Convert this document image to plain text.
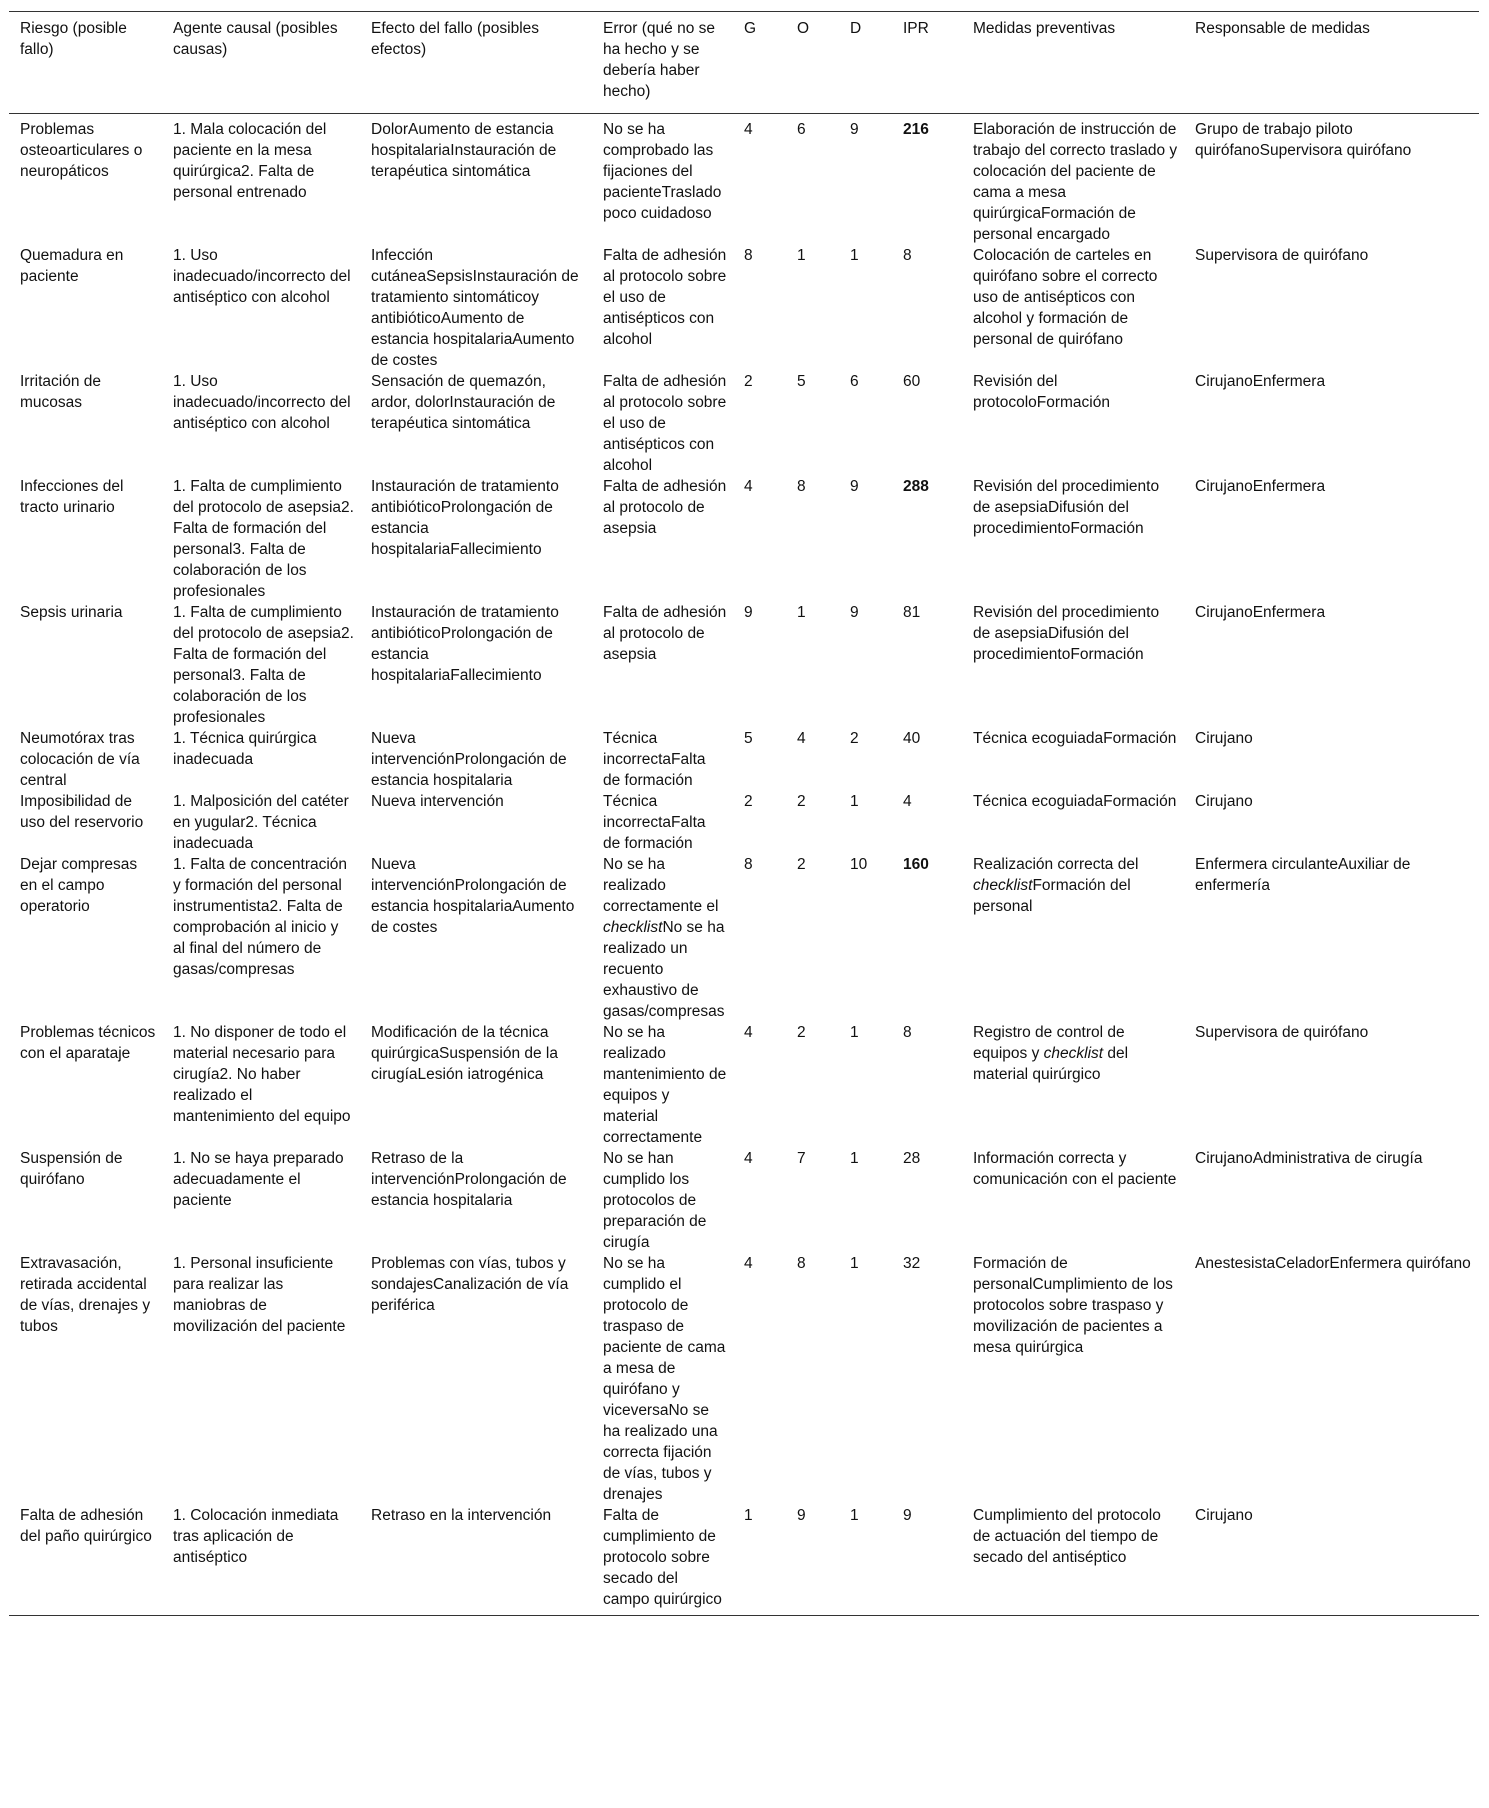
Riesgo (posible fallo)	Agente causal (posibles causas)	Efecto del fallo (posibles efectos)	Error (qué no se ha hecho y se debería haber hecho)	G	O	D	IPR	Medidas preventivas	Responsable de medidas
Problemas osteoarticulares o neuropáticos	1. Mala colocación del paciente en la mesa quirúrgica2. Falta de personal entrenado	DolorAumento de estancia hospitalariaInstauración de terapéutica sintomática	No se ha comprobado las fijaciones del pacienteTraslado poco cuidadoso	4	6	9	216	Elaboración de instrucción de trabajo del correcto traslado y colocación del paciente de cama a mesa quirúrgicaFormación de personal encargado	Grupo de trabajo piloto quirófanoSupervisora quirófano
Quemadura en paciente	1. Uso inadecuado/incorrecto del antiséptico con alcohol	Infección cutáneaSepsisInstauración de tratamiento sintomáticoy antibióticoAumento de estancia hospitalariaAumento de costes	Falta de adhesión al protocolo sobre el uso de antisépticos con alcohol	8	1	1	8	Colocación de carteles en quirófano sobre el correcto uso de antisépticos con alcohol y formación de personal de quirófano	Supervisora de quirófano
Irritación de mucosas	1. Uso inadecuado/incorrecto del antiséptico con alcohol	Sensación de quemazón, ardor, dolorInstauración de terapéutica sintomática	Falta de adhesión al protocolo sobre el uso de antisépticos con alcohol	2	5	6	60	Revisión del protocoloFormación	CirujanoEnfermera
Infecciones del tracto urinario	1. Falta de cumplimiento del protocolo de asepsia2. Falta de formación del personal3. Falta de colaboración de los profesionales	Instauración de tratamiento antibióticoProlongación de estancia hospitalariaFallecimiento	Falta de adhesión al protocolo de asepsia	4	8	9	288	Revisión del procedimiento de asepsiaDifusión del procedimientoFormación	CirujanoEnfermera
Sepsis urinaria	1. Falta de cumplimiento del protocolo de asepsia2. Falta de formación del personal3. Falta de colaboración de los profesionales	Instauración de tratamiento antibióticoProlongación de estancia hospitalariaFallecimiento	Falta de adhesión al protocolo de asepsia	9	1	9	81	Revisión del procedimiento de asepsiaDifusión del procedimientoFormación	CirujanoEnfermera
Neumotórax tras colocación de vía central	1. Técnica quirúrgica inadecuada	Nueva intervenciónProlongación de estancia hospitalaria	Técnica incorrectaFalta de formación	5	4	2	40	Técnica ecoguiadaFormación	Cirujano
Imposibilidad de uso del reservorio	1. Malposición del catéter en yugular2. Técnica inadecuada	Nueva intervención	Técnica incorrectaFalta de formación	2	2	1	4	Técnica ecoguiadaFormación	Cirujano
Dejar compresas en el campo operatorio	1. Falta de concentración y formación del personal instrumentista2. Falta de comprobación al inicio y al final del número de gasas/compresas	Nueva intervenciónProlongación de estancia hospitalariaAumento de costes	No se ha realizado correctamente el checklistNo se ha realizado un recuento exhaustivo de gasas/compresas	8	2	10	160	Realización correcta del checklistFormación del personal	Enfermera circulanteAuxiliar de enfermería
Problemas técnicos con el aparataje	1. No disponer de todo el material necesario para cirugía2. No haber realizado el mantenimiento del equipo	Modificación de la técnica quirúrgicaSuspensión de la cirugíaLesión iatrogénica	No se ha realizado mantenimiento de equipos y material correctamente	4	2	1	8	Registro de control de equipos y checklist del material quirúrgico	Supervisora de quirófano
Suspensión de quirófano	1. No se haya preparado adecuadamente el paciente	Retraso de la intervenciónProlongación de estancia hospitalaria	No se han cumplido los protocolos de preparación de cirugía	4	7	1	28	Información correcta y comunicación con el paciente	CirujanoAdministrativa de cirugía
Extravasación, retirada accidental de vías, drenajes y tubos	1. Personal insuficiente para realizar las maniobras de movilización del paciente	Problemas con vías, tubos y sondajesCanalización de vía periférica	No se ha cumplido el protocolo de traspaso de paciente de cama a mesa de quirófano y viceversaNo se ha realizado una correcta fijación de vías, tubos y drenajes	4	8	1	32	Formación de personalCumplimiento de los protocolos sobre traspaso y movilización de pacientes a mesa quirúrgica	AnestesistaCeladorEnfermera quirófano
Falta de adhesión del paño quirúrgico	1. Colocación inmediata tras aplicación de antiséptico	Retraso en la intervención	Falta de cumplimiento de protocolo sobre secado del campo quirúrgico	1	9	1	9	Cumplimiento del protocolo de actuación del tiempo de secado del antiséptico	Cirujano
